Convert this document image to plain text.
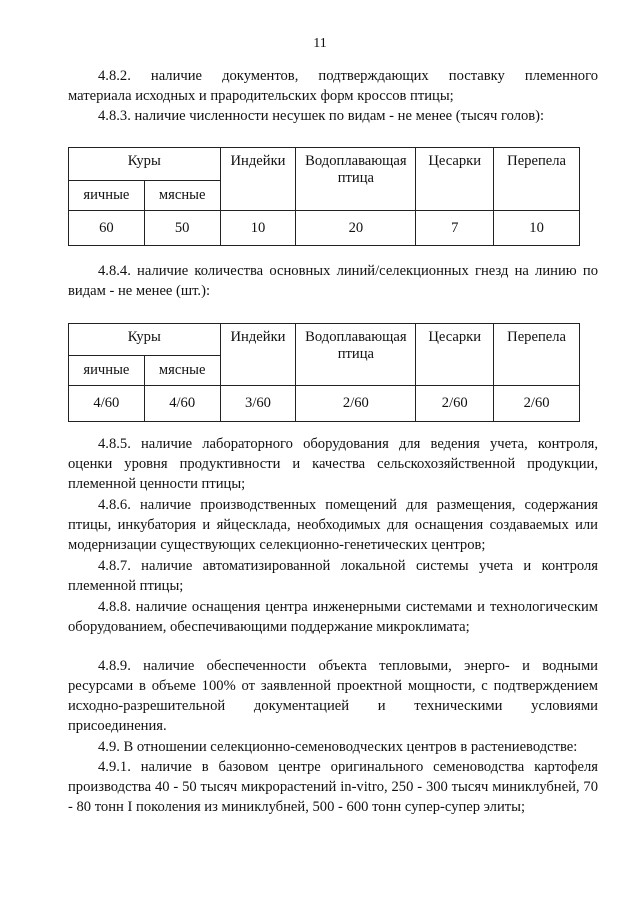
11
4.8.2. наличие документов, подтверждающих поставку племенного
материала исходных и прародительских форм кроссов птицы;
4.8.3. наличие численности несушек по видам - не менее (тысяч голов):
Куры		Индейки	Водоплавающая птица	Цесарки	Перепела
яичные	мясные				
60	50	10	20	7	10
4.8.4. наличие количества основных линий/селекционных гнезд на линию по видам - не менее (шт.):
Куры		Индейки	Водоплавающая птица	Цесарки	Перепела
яичные	мясные				
4/60	4/60	3/60	2/60	2/60	2/60
4.8.5. наличие лабораторного оборудования для ведения учета, контроля, оценки уровня продуктивности и качества сельскохозяйственной продукции, племенной ценности птицы;
4.8.6. наличие производственных помещений для размещения, содержания птицы, инкубатория и яйцесклада, необходимых для оснащения создаваемых или модернизации существующих селекционно-генетических центров;
4.8.7. наличие автоматизированной локальной системы учета и контроля племенной птицы;
4.8.8. наличие оснащения центра инженерными системами и технологическим оборудованием, обеспечивающими поддержание микроклимата;
4.8.9. наличие обеспеченности объекта тепловыми, энерго- и водными ресурсами в объеме 100% от заявленной проектной мощности, с подтверждением исходно-разрешительной документацией и техническими условиями присоединения.
4.9. В отношении селекционно-семеноводческих центров в растениеводстве:
4.9.1. наличие в базовом центре оригинального семеноводства картофеля производства 40 - 50 тысяч микрорастений in-vitro, 250 - 300 тысяч миниклубней, 70 - 80 тонн I поколения из миниклубней, 500 - 600 тонн супер-супер элиты;
